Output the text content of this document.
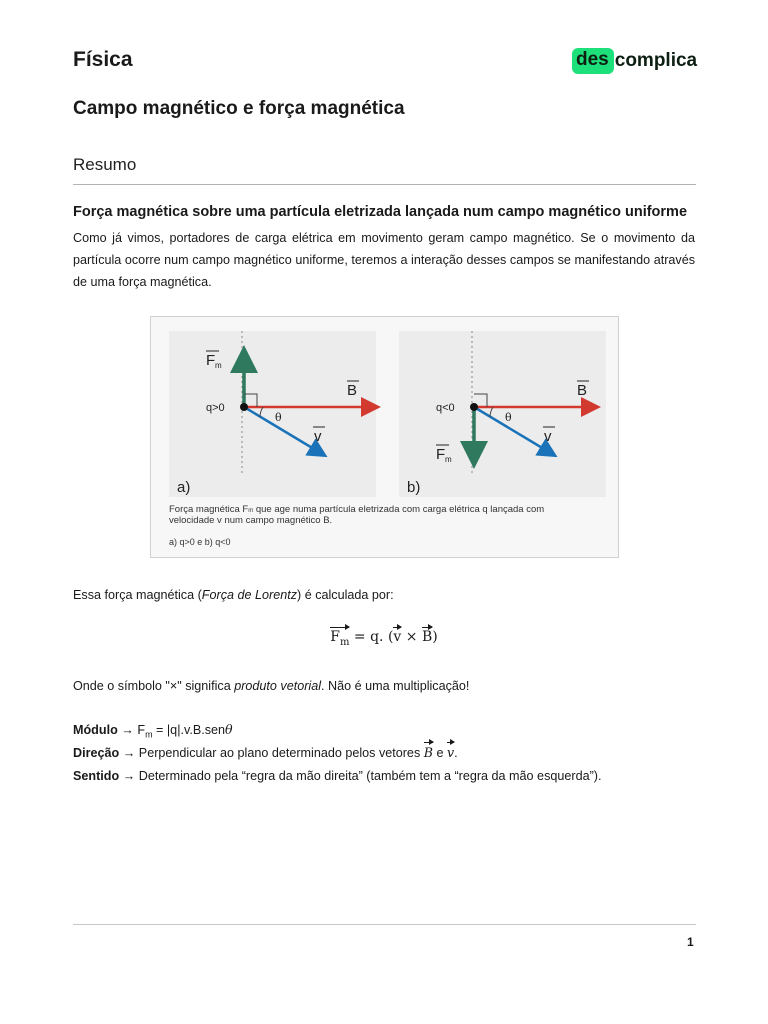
Física	des complica
Campo magnético e força magnética
Resumo
Força magnética sobre uma partícula eletrizada lançada num campo magnético uniforme
Como já vimos, portadores de carga elétrica em movimento geram campo magnético. Se o movimento da partícula ocorre num campo magnético uniforme, teremos a interação desses campos se manifestando através de uma força magnética.
q>0
θ
F m
B
v
a)
q<0
θ
F m
B
v
b)
Força magnética Fm que age numa partícula eletrizada com carga elétrica q lançada com
velocidade v num campo magnético B.
a) q>0 e b) q<0
Essa força magnética (Força de Lorentz) é calculada por:
$F_m = q$. (v × B)
Onde o símbolo "×" significa produto vetorial. Não é uma multiplicação!
Módulo → $F_m = |q|.v.B.sen\theta$
Direção → Perpendicular ao plano determinado pelos vetores B e v.
Sentido → Determinado pela “regra da mão direita” (também tem a “regra da mão esquerda”).
1
